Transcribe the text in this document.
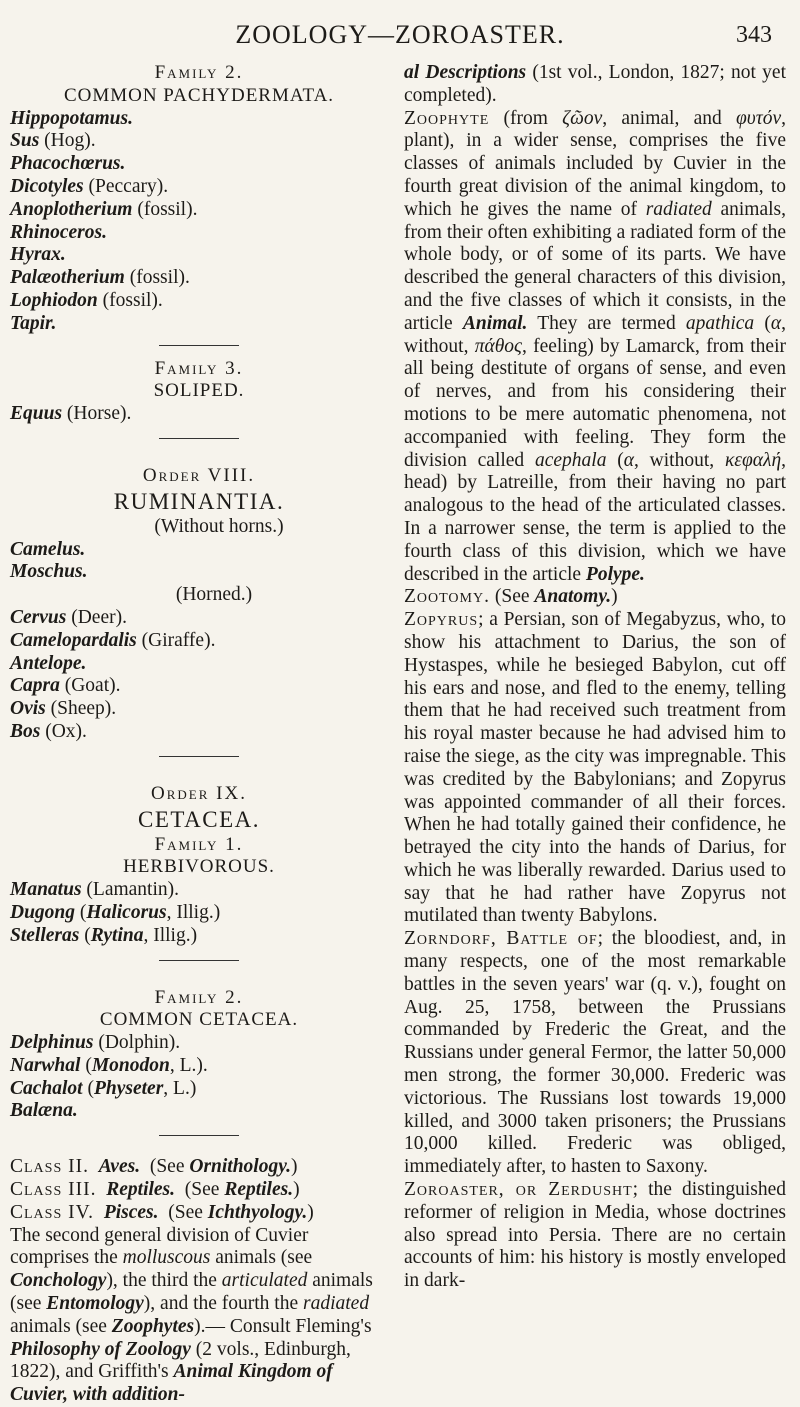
ZOOLOGY—ZOROASTER.	343
Family 2.
COMMON PACHYDERMATA.
Hippopotamus.
Sus (Hog).
Phacochœrus.
Dicotyles (Peccary).
Anoplotherium (fossil).
Rhinoceros.
Hyrax.
Palæotherium (fossil).
Lophiodon (fossil).
Tapir.
Family 3.
SOLIPED.
Equus (Horse).
Order VIII.
RUMINANTIA.
(Without horns.)
Camelus.
Moschus.
(Horned.)
Cervus (Deer).
Camelopardalis (Giraffe).
Antelope.
Capra (Goat).
Ovis (Sheep).
Bos (Ox).
Order IX.
CETACEA.
Family 1.
HERBIVOROUS.
Manatus (Lamantin).
Dugong (Halicorus, Illig.)
Stelleras (Rytina, Illig.)
Family 2.
COMMON CETACEA.
Delphinus (Dolphin).
Narwhal (Monodon, L.).
Cachalot (Physeter, L.)
Balæna.
Class II. Aves. (See Ornithology.)
Class III. Reptiles. (See Reptiles.)
Class IV. Pisces. (See Ichthyology.)

The second general division of Cuvier comprises the molluscous animals (see Conchology), the third the articulated animals (see Entomology), and the fourth the radiated animals (see Zoophytes).— Consult Fleming's Philosophy of Zoology (2 vols., Edinburgh, 1822), and Griffith's Animal Kingdom of Cuvier, with addition-

al Descriptions (1st vol., London, 1827; not yet completed).

Zoophyte (from ζῶον, animal, and φυτόν, plant), in a wider sense, comprises the five classes of animals included by Cuvier in the fourth great division of the animal kingdom, to which he gives the name of radiated animals, from their often exhibiting a radiated form of the whole body, or of some of its parts. We have described the general characters of this division, and the five classes of which it consists, in the article Animal. They are termed apathica (α, without, πάθος, feeling) by Lamarck, from their all being destitute of organs of sense, and even of nerves, and from his considering their motions to be mere automatic phenomena, not accompanied with feeling. They form the division called acephala (α, without, κεφαλή, head) by Latreille, from their having no part analogous to the head of the articulated classes. In a narrower sense, the term is applied to the fourth class of this division, which we have described in the article Polype.

Zootomy. (See Anatomy.)

Zopyrus; a Persian, son of Megabyzus, who, to show his attachment to Darius, the son of Hystaspes, while he besieged Babylon, cut off his ears and nose, and fled to the enemy, telling them that he had received such treatment from his royal master because he had advised him to raise the siege, as the city was impregnable. This was credited by the Babylonians; and Zopyrus was appointed commander of all their forces. When he had totally gained their confidence, he betrayed the city into the hands of Darius, for which he was liberally rewarded. Darius used to say that he had rather have Zopyrus not mutilated than twenty Babylons.

Zorndorf, Battle of; the bloodiest, and, in many respects, one of the most remarkable battles in the seven years' war (q. v.), fought on Aug. 25, 1758, between the Prussians commanded by Frederic the Great, and the Russians under general Fermor, the latter 50,000 men strong, the former 30,000. Frederic was victorious. The Russians lost towards 19,000 killed, and 3000 taken prisoners; the Prussians 10,000 killed. Frederic was obliged, immediately after, to hasten to Saxony.

Zoroaster, or Zerdusht; the distinguished reformer of religion in Media, whose doctrines also spread into Persia. There are no certain accounts of him: his history is mostly enveloped in dark-
